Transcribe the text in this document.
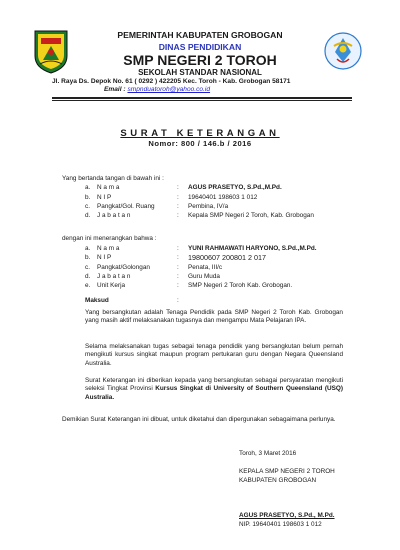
PEMERINTAH KABUPATEN GROBOGAN
DINAS PENDIDIKAN
SMP NEGERI 2 TOROH
SEKOLAH STANDAR NASIONAL
Jl. Raya Ds. Depok No. 61 ( 0292 ) 422205 Kec. Toroh - Kab. Grobogan 58171
Email : smpnduatoroh@yahoo.co.id
SURAT KETERANGAN
Nomor: 800 / 146.b / 2016
Yang bertanda tangan di bawah ini :
a. N a m a	: AGUS PRASETYO, S.Pd.,M.Pd.
b. N I P	: 19640401 198603 1 012
c. Pangkat/Gol. Ruang	: Pembina, IV/a
d. J a b a t a n	: Kepala SMP Negeri 2 Toroh, Kab. Grobogan
dengan ini menerangkan bahwa :
a. N a m a	: YUNI RAHMAWATI HARYONO, S.Pd.,M.Pd.
b. N I P	: 19800607 200801 2 017
c. Pangkat/Golongan	: Penata, III/c
d. J a b a t a n	: Guru Muda
e. Unit Kerja	: SMP Negeri 2 Toroh Kab. Grobogan.
Maksud	:
Yang bersangkutan adalah Tenaga Pendidik pada SMP Negeri 2 Toroh Kab. Grobogan yang masih aktif melaksanakan tugasnya dan mengampu Mata Pelajaran IPA.
Selama melaksanakan tugas sebagai tenaga pendidik yang bersangkutan belum pernah mengikuti kursus singkat maupun program pertukaran guru dengan Negara Queensland Australia.
Surat Keterangan ini diberikan kepada yang bersangkutan sebagai persyaratan mengikuti seleksi Tingkat Provinsi Kursus Singkat di University of Southern Queensland (USQ) Australia.
Demikian Surat Keterangan ini dibuat, untuk diketahui dan dipergunakan sebagaimana perlunya.
Toroh, 3 Maret 2016
KEPALA SMP NEGERI 2 TOROH
KABUPATEN GROBOGAN
AGUS PRASETYO, S.Pd., M.Pd.
NIP. 19640401 198603 1 012
